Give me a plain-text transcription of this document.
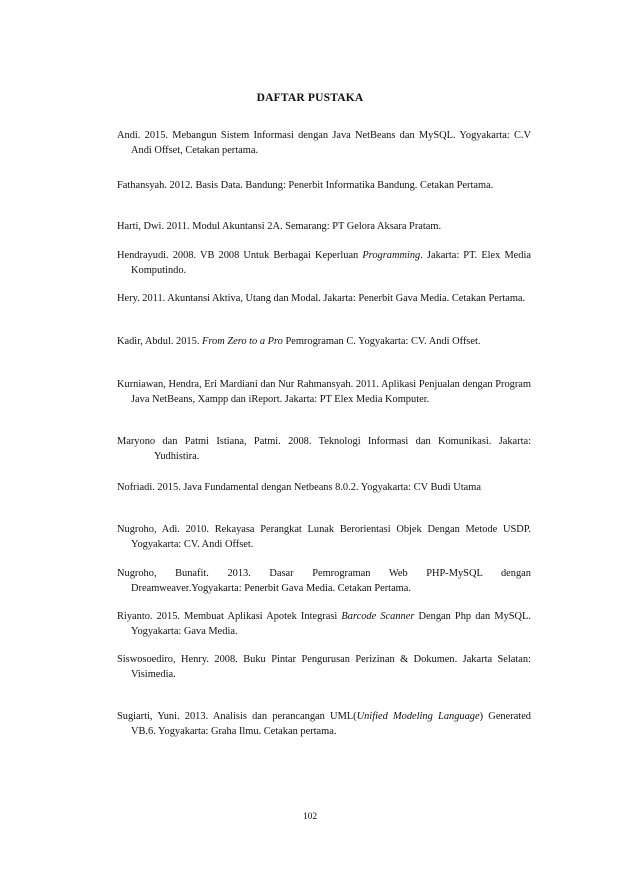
DAFTAR PUSTAKA
Andi. 2015. Mebangun Sistem Informasi dengan Java NetBeans dan MySQL. Yogyakarta: C.V Andi Offset, Cetakan pertama.
Fathansyah. 2012. Basis Data. Bandung: Penerbit Informatika Bandung. Cetakan Pertama.
Harti, Dwi. 2011. Modul Akuntansi 2A. Semarang: PT Gelora Aksara Pratam.
Hendrayudi. 2008. VB 2008 Untuk Berbagai Keperluan Programming. Jakarta: PT. Elex Media Komputindo.
Hery. 2011. Akuntansi Aktiva, Utang dan Modal. Jakarta: Penerbit Gava Media. Cetakan Pertama.
Kadir, Abdul. 2015. From Zero to a Pro Pemrograman C. Yogyakarta: CV. Andi Offset.
Kurniawan, Hendra, Eri Mardiani dan Nur Rahmansyah. 2011. Aplikasi Penjualan dengan Program Java NetBeans, Xampp dan iReport. Jakarta: PT Elex Media Komputer.
Maryono dan Patmi Istiana, Patmi. 2008. Teknologi Informasi dan Komunikasi. Jakarta: Yudhistira.
Nofriadi. 2015. Java Fundamental dengan Netbeans 8.0.2. Yogyakarta: CV Budi Utama
Nugroho, Adi. 2010. Rekayasa Perangkat Lunak Berorientasi Objek Dengan Metode USDP. Yogyakarta: CV. Andi Offset.
Nugroho, Bunafit. 2013. Dasar Pemrograman Web PHP-MySQL dengan Dreamweaver.Yogyakarta: Penerbit Gava Media. Cetakan Pertama.
Riyanto. 2015. Membuat Aplikasi Apotek Integrasi Barcode Scanner Dengan Php dan MySQL. Yogyakarta: Gava Media.
Siswosoediro, Henry. 2008. Buku Pintar Pengurusan Perizinan & Dokumen. Jakarta Selatan: Visimedia.
Sugiarti, Yuni. 2013. Analisis dan perancangan UML(Unified Modeling Language) Generated VB.6. Yogyakarta: Graha Ilmu. Cetakan pertama.
102
